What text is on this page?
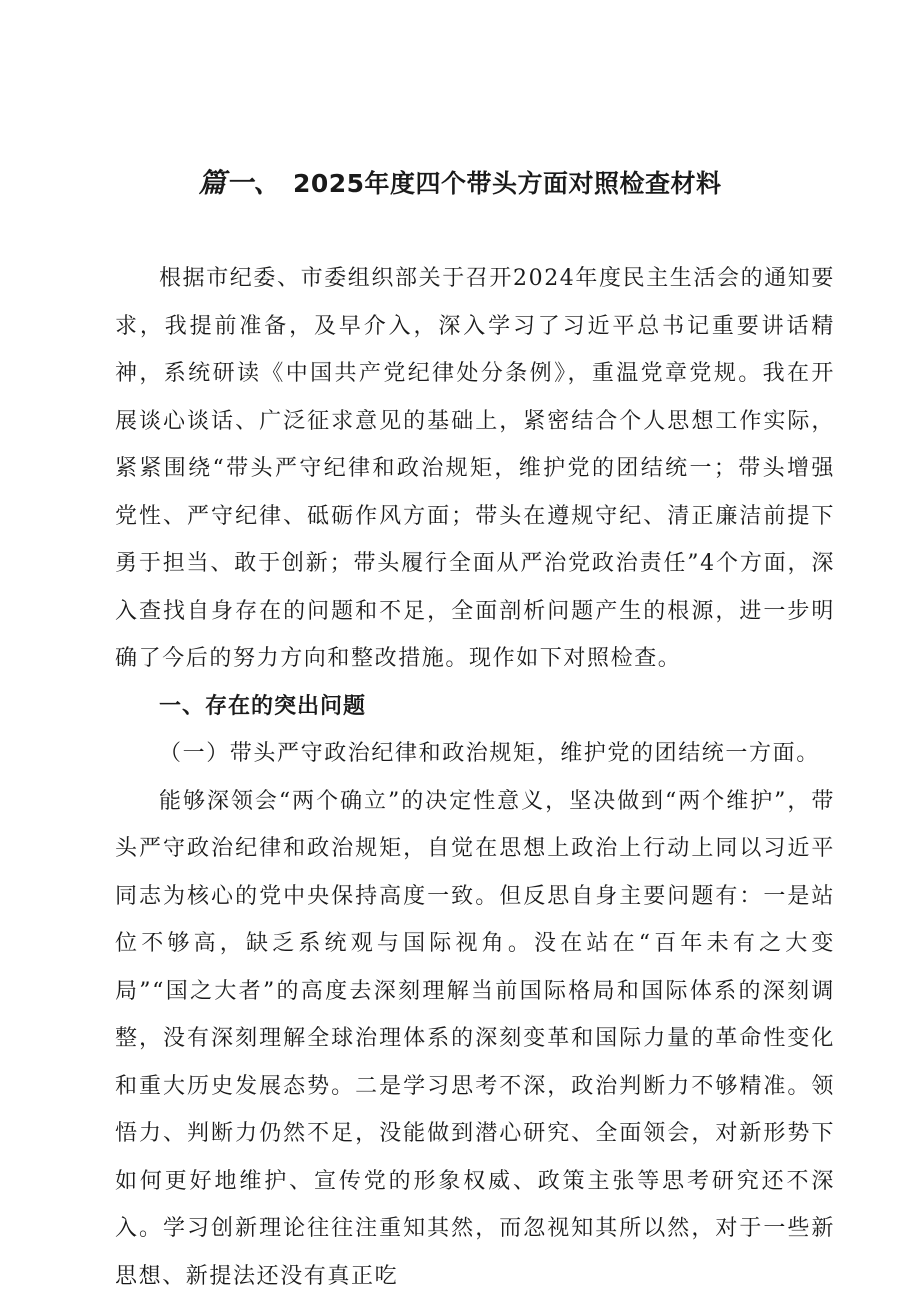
篇一、 2025年度四个带头方面对照检查材料

根据市纪委、市委组织部关于召开2024年度民主生活会的通知要求，我提前准备，及早介入，深入学习了习近平总书记重要讲话精神，系统研读《中国共产党纪律处分条例》，重温党章党规。我在开展谈心谈话、广泛征求意见的基础上，紧密结合个人思想工作实际，紧紧围绕“带头严守纪律和政治规矩，维护党的团结统一；带头增强党性、严守纪律、砥砺作风方面；带头在遵规守纪、清正廉洁前提下勇于担当、敢于创新；带头履行全面从严治党政治责任”4个方面，深入查找自身存在的问题和不足，全面剖析问题产生的根源，进一步明确了今后的努力方向和整改措施。现作如下对照检查。

一、存在的突出问题

（一）带头严守政治纪律和政治规矩，维护党的团结统一方面。

能够深领会“两个确立”的决定性意义，坚决做到“两个维护”，带头严守政治纪律和政治规矩，自觉在思想上政治上行动上同以习近平同志为核心的党中央保持高度一致。但反思自身主要问题有：一是站位不够高，缺乏系统观与国际视角。没在站在“百年未有之大变局”“国之大者”的高度去深刻理解当前国际格局和国际体系的深刻调整，没有深刻理解全球治理体系的深刻变革和国际力量的革命性变化和重大历史发展态势。二是学习思考不深，政治判断力不够精准。领悟力、判断力仍然不足，没能做到潜心研究、全面领会，对新形势下如何更好地维护、宣传党的形象权威、政策主张等思考研究还不深入。学习创新理论往往注重知其然，而忽视知其所以然，对于一些新思想、新提法还没有真正吃
